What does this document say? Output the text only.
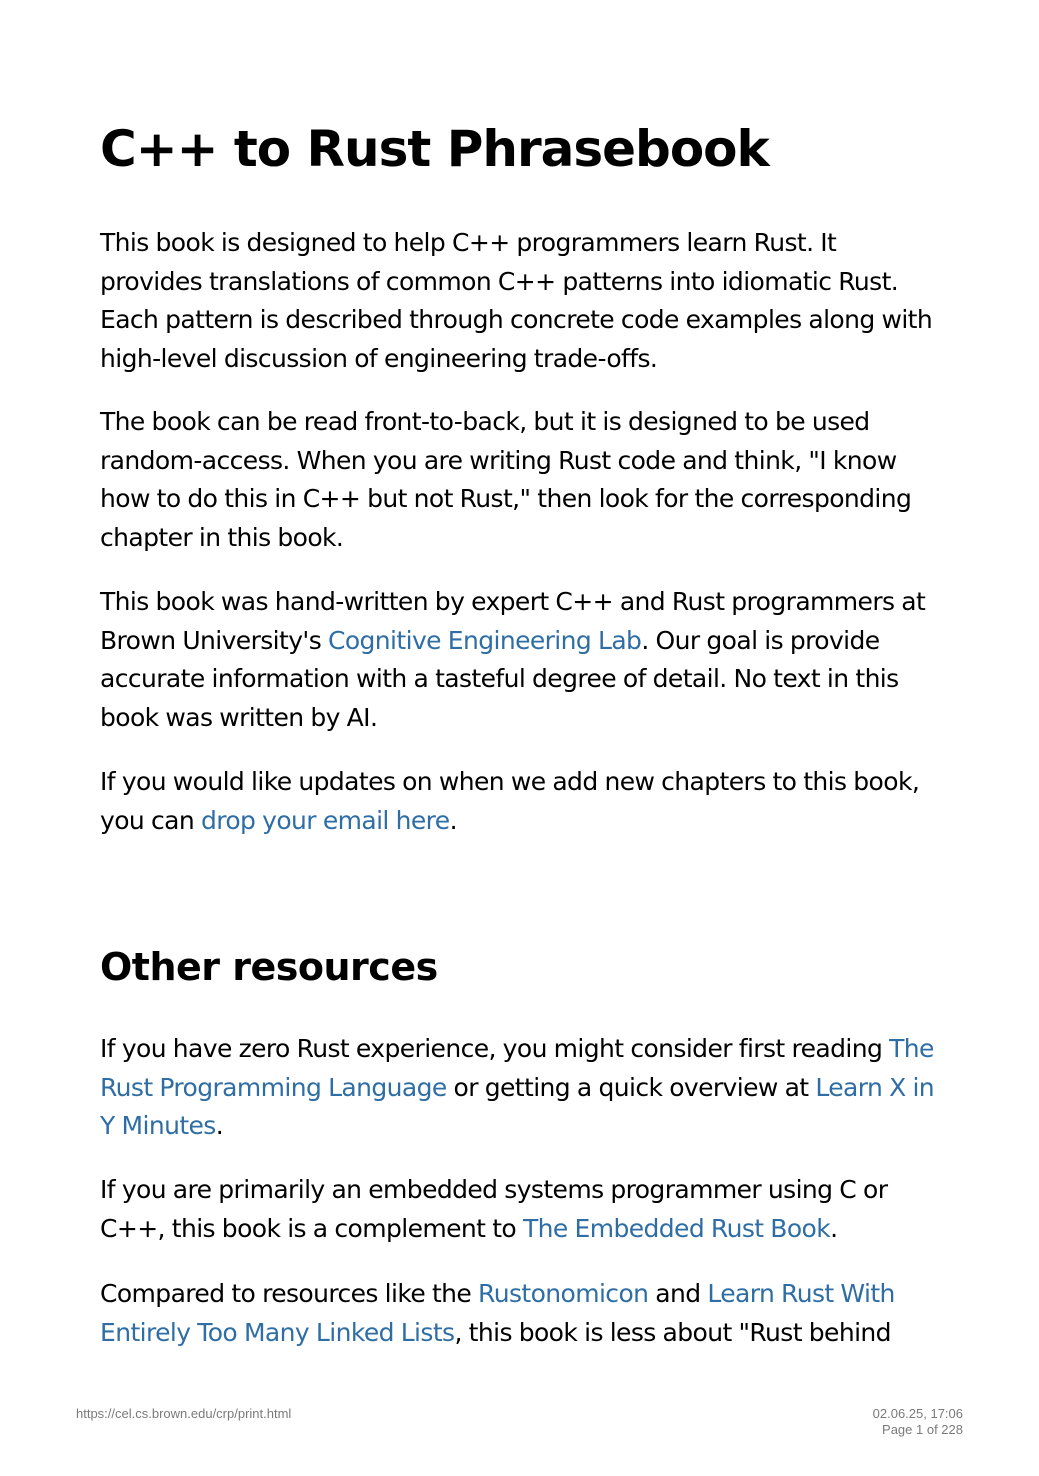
C++ to Rust Phrasebook

This book is designed to help C++ programmers learn Rust. It provides translations of common C++ patterns into idiomatic Rust. Each pattern is described through concrete code examples along with high-level discussion of engineering trade-offs.

The book can be read front-to-back, but it is designed to be used random-access. When you are writing Rust code and think, "I know how to do this in C++ but not Rust," then look for the corresponding chapter in this book.

This book was hand-written by expert C++ and Rust programmers at Brown University's Cognitive Engineering Lab. Our goal is provide accurate information with a tasteful degree of detail. No text in this book was written by AI.

If you would like updates on when we add new chapters to this book, you can drop your email here.

Other resources

If you have zero Rust experience, you might consider first reading The Rust Programming Language or getting a quick overview at Learn X in Y Minutes.

If you are primarily an embedded systems programmer using C or C++, this book is a complement to The Embedded Rust Book.

Compared to resources like the Rustonomicon and Learn Rust With Entirely Too Many Linked Lists, this book is less about "Rust behind

https://cel.cs.brown.edu/crp/print.html	02.06.25, 17:06
Page 1 of 228
